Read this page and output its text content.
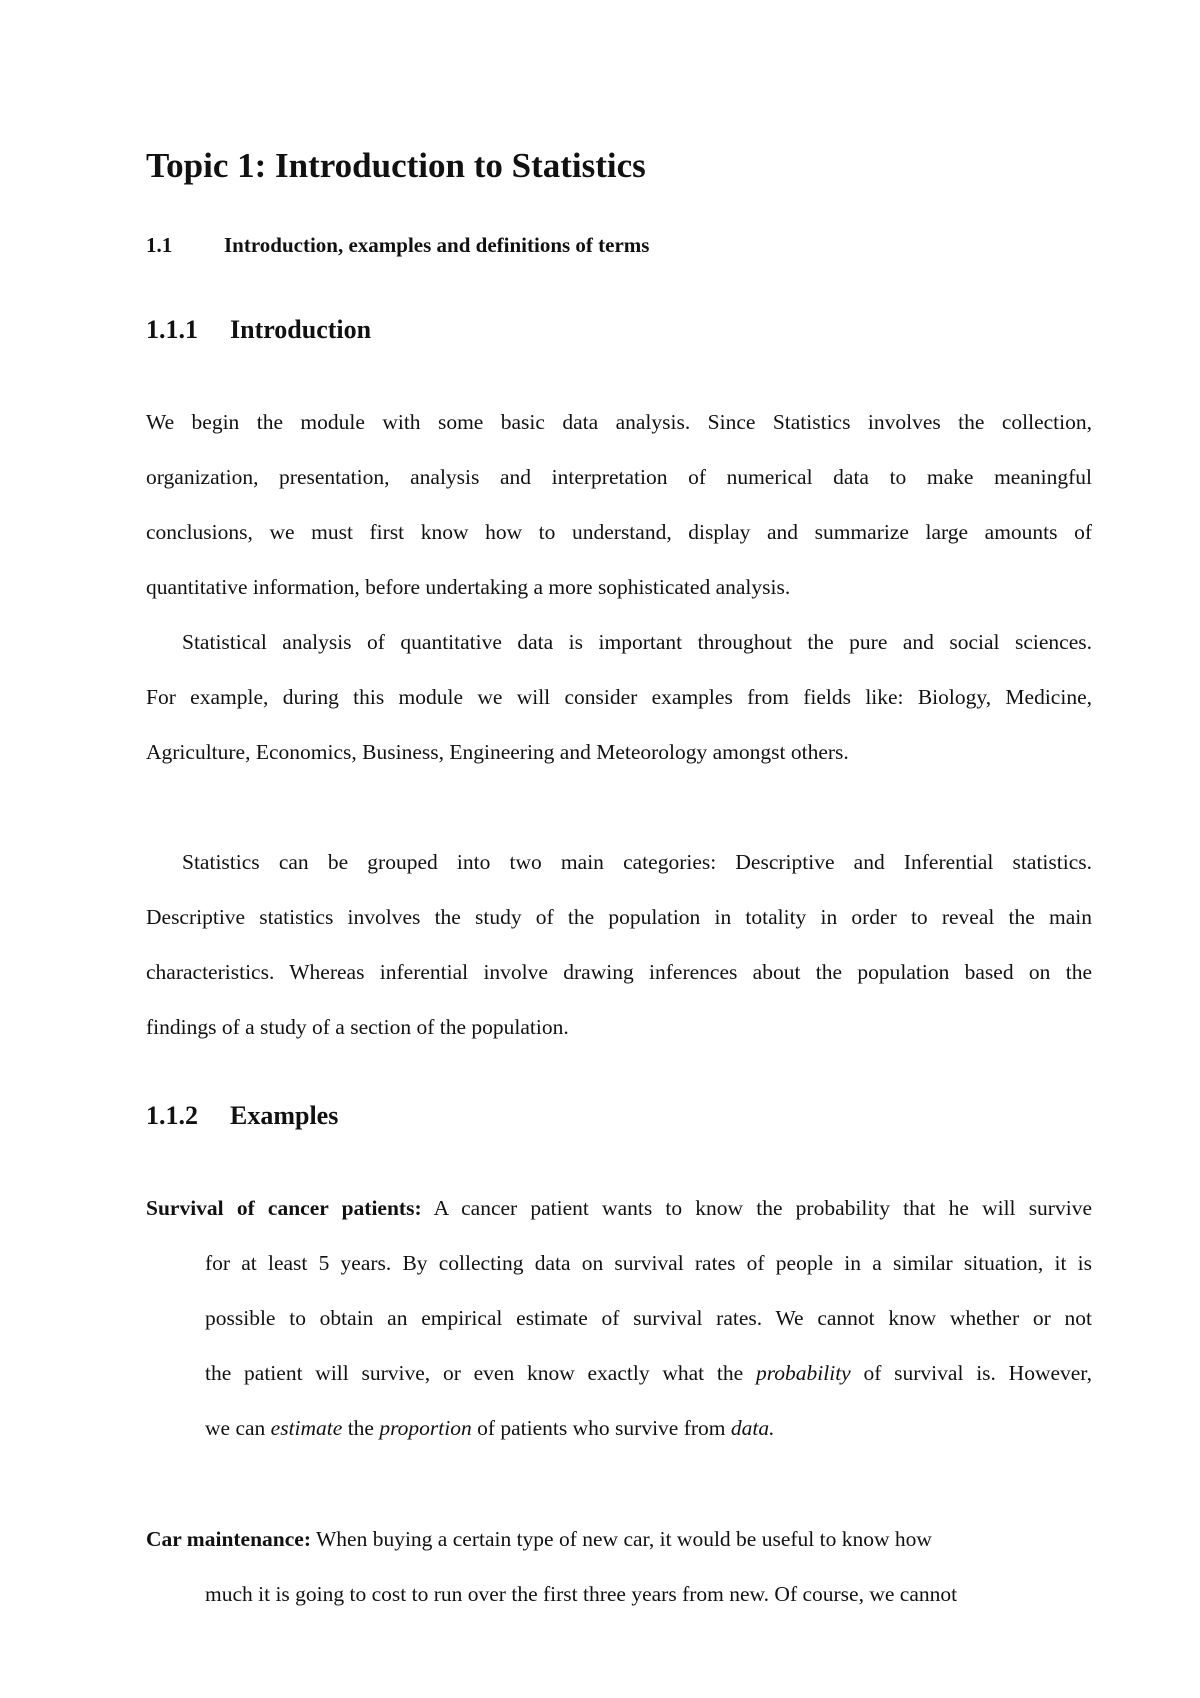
Topic 1: Introduction to Statistics
1.1 Introduction, examples and definitions of terms
1.1.1 Introduction
We begin the module with some basic data analysis. Since Statistics involves the collection,
organization, presentation, analysis and interpretation of numerical data to make meaningful
conclusions, we must first know how to understand, display and summarize large amounts of
quantitative information, before undertaking a more sophisticated analysis.
Statistical analysis of quantitative data is important throughout the pure and social sciences.
For example, during this module we will consider examples from fields like: Biology, Medicine,
Agriculture, Economics, Business, Engineering and Meteorology amongst others.
Statistics can be grouped into two main categories: Descriptive and Inferential statistics.
Descriptive statistics involves the study of the population in totality in order to reveal the main
characteristics. Whereas inferential involve drawing inferences about the population based on the
findings of a study of a section of the population.
1.1.2 Examples
Survival of cancer patients: A cancer patient wants to know the probability that he will survive
for at least 5 years. By collecting data on survival rates of people in a similar situation, it is
possible to obtain an empirical estimate of survival rates. We cannot know whether or not
the patient will survive, or even know exactly what the probability of survival is. However,
we can estimate the proportion of patients who survive from data.
Car maintenance: When buying a certain type of new car, it would be useful to know how
much it is going to cost to run over the first three years from new. Of course, we cannot
